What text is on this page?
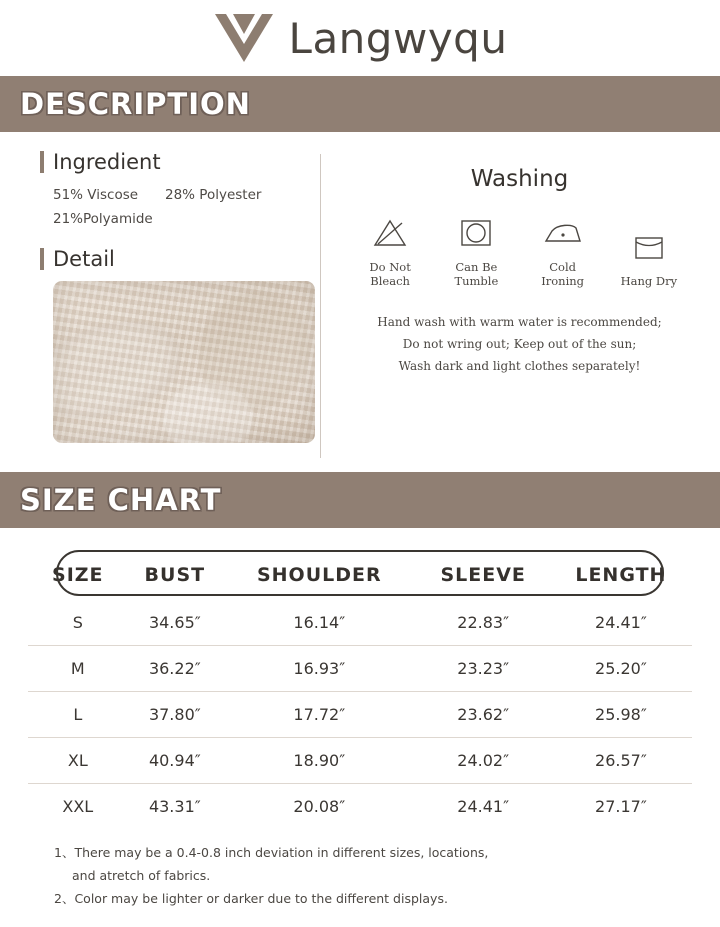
Langwyqu
DESCRIPTION
Ingredient
51% Viscose 28% Polyester
21%Polyamide
Detail
Washing
Do Not
Bleach
Can Be
Tumble
Cold
Ironing	Hang Dry
Hand wash with warm water is recommended;
Do not wring out; Keep out of the sun;
Wash dark and light clothes separately!
SIZE CHART
SIZE	BUST	SHOULDER	SLEEVE	LENGTH
S	34.65″	16.14″	22.83″	24.41″
M	36.22″	16.93″	23.23″	25.20″
L	37.80″	17.72″	23.62″	25.98″
XL	40.94″	18.90″	24.02″	26.57″
XXL	43.31″	20.08″	24.41″	27.17″

1、There may be a 0.4-0.8 inch deviation in different sizes, locations,

and atretch of fabrics.

2、Color may be lighter or darker due to the different displays.
